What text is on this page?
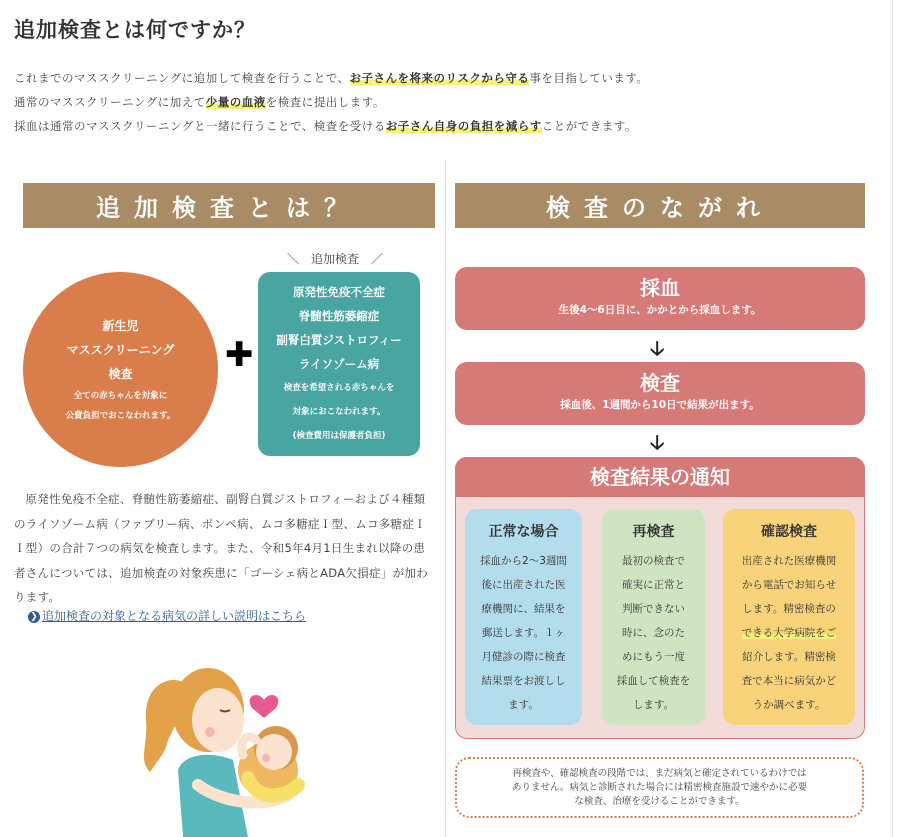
追加検査とは何ですか？
これまでのマススクリーニングに追加して検査を行うことで、お子さんを将来のリスクから守る事を目指しています。
通常のマススクリーニングに加えて少量の血液を検査に提出します。
採血は通常のマススクリーニングと一緒に行うことで、検査を受けるお子さん自身の負担を減らすことができます。
追加検査とは？
＼　追加検査　／
新生児
マススクリーニング
検査
全ての赤ちゃんを対象に
公費負担でおこなわれます。
✚
原発性免疫不全症
脊髄性筋萎縮症
副腎白質ジストロフィー
ライソゾーム病
検査を希望される赤ちゃんを
対象におこなわれます。
(検査費用は保護者負担)
原発性免疫不全症、脊髄性筋萎縮症、副腎白質ジストロフィーおよび４種類のライソゾーム病（ファブリー病、ポンペ病、ムコ多糖症Ｉ型、ムコ多糖症ＩＩ型）の合計７つの病気を検査します。また、令和5年4月1日生まれ以降の患者さんについては、追加検査の対象疾患に「ゴーシェ病とADA欠損症」が加わります。
❯ 追加検査の対象となる病気の詳しい説明はこちら
検査のながれ
採血
生後4〜6日目に、かかとから採血します。
🡣
検査
採血後、1週間から10日で結果が出ます。
🡣
検査結果の通知
正常な場合
採血から2〜3週間
後に出産された医
療機関に、結果を
郵送します。１ヶ
月健診の際に検査
結果票をお渡しし
ます。
再検査
最初の検査で
確実に正常と
判断できない
時に、念のた
めにもう一度
採血して検査を
します。
確認検査
出産された医療機関
から電話でお知らせ
します。精密検査の
できる大学病院をご
紹介します。精密検
査で本当に病気かど
うか調べます。
再検査や、確認検査の段階では、まだ病気と確定されているわけでは
ありません。病気と診断された場合には精密検査施設で速やかに必要
な検査、治療を受けることができます。
